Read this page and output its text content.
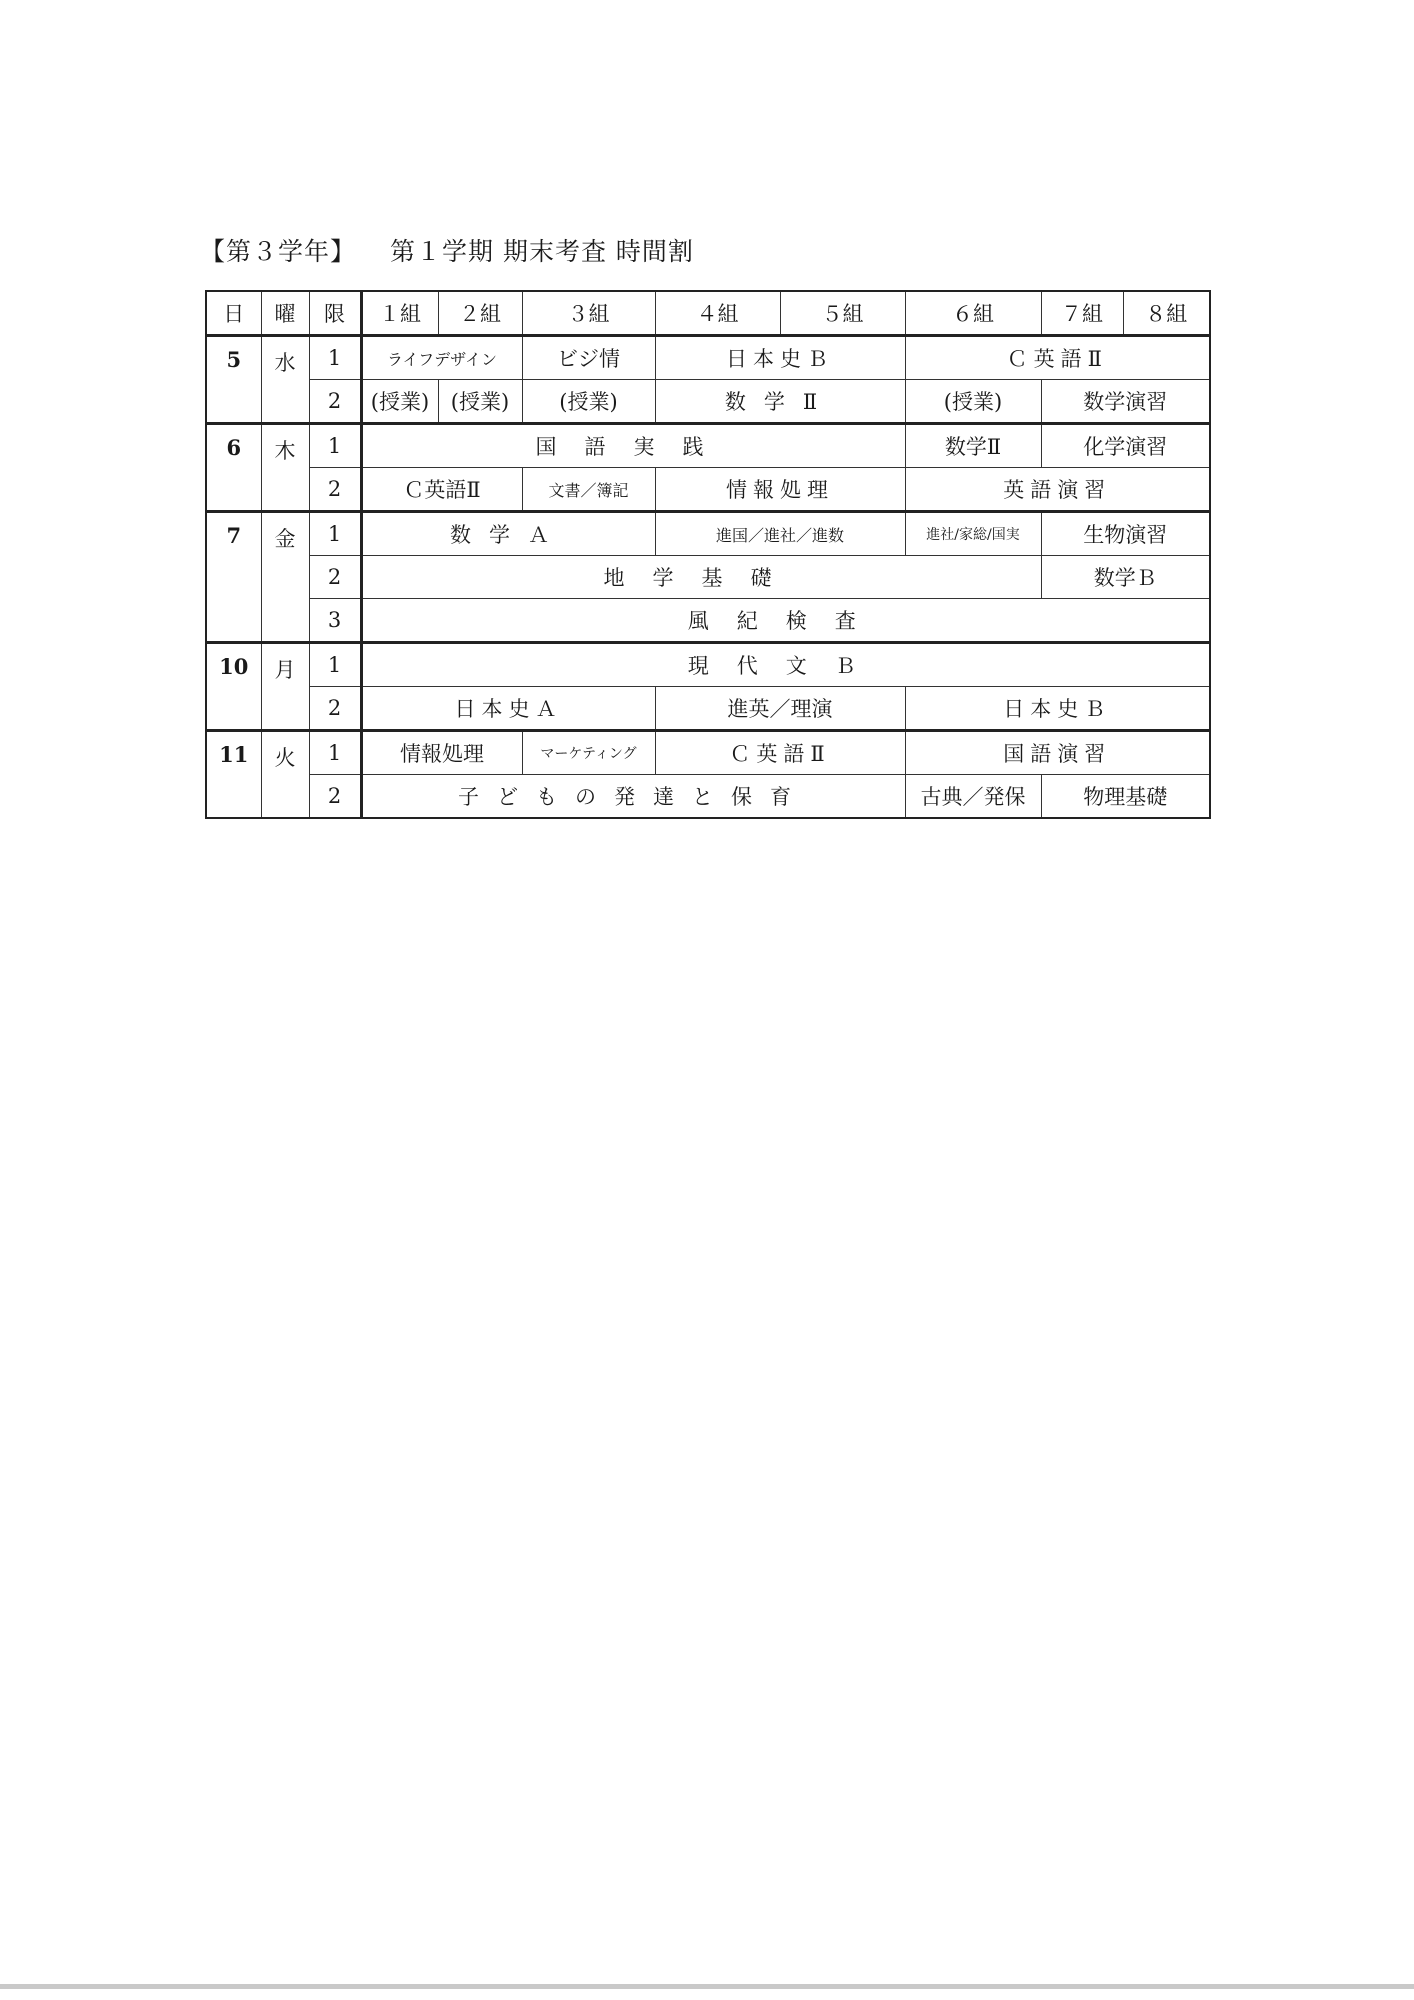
【第３学年】 第１学期 期末考査 時間割
日	曜	限	１組	２組	３組	４組	５組	６組	７組	８組
5	水	1	ライフデザイン		ビジ情	日本史Ｂ		Ｃ英語Ⅱ		
		2	(授業)	(授業)	(授業)	数学Ⅱ		(授業)	数学演習	
6	木	1	国語実践					数学Ⅱ	化学演習	
		2	Ｃ英語Ⅱ		文書／簿記	情報処理		英語演習		
7	金	1	数学Ａ			進国／進社／進数		進社/家総/国実	生物演習	
		2	地学基礎						数学Ｂ	
		3	風紀検査							
10	月	1	現代文Ｂ							
		2	日本史Ａ			進英／理演		日本史Ｂ		
11	火	1	情報処理		マーケティング	Ｃ英語Ⅱ		国語演習		
		2	子どもの発達と保育					古典／発保	物理基礎	
